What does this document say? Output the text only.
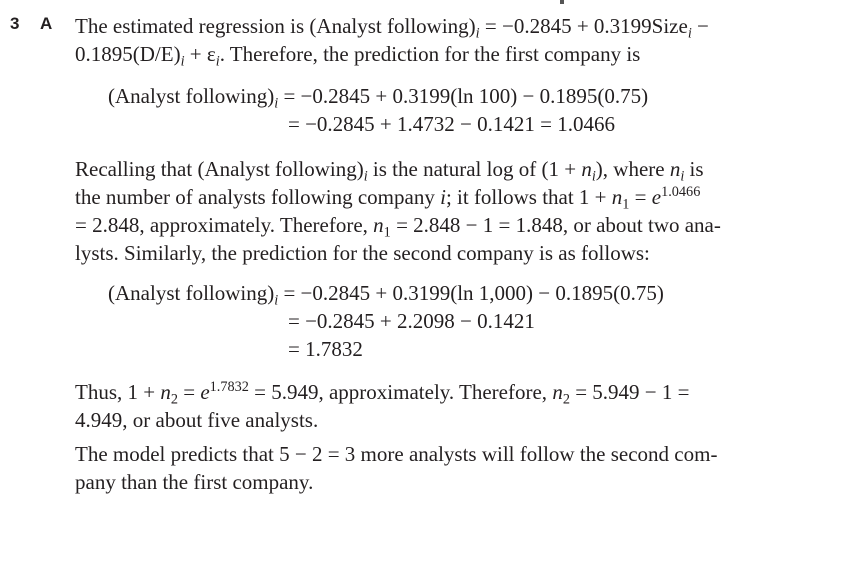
3 A The estimated regression is (Analyst $following)_i = -0.2845$ + 0.3199Size$_i$ −

$0.1895(D/E)_i + \varepsilon_i$. Therefore, the prediction for the first company is

(Analyst $following)_i = -0.2845 + 0.3199(\ln$ 100) − 0.1895(0.75)

= −0.2845 + 1.4732 − 0.1421 = 1.0466

Recalling that (Analyst $following)_i$ is the natural log of $(1 + n_i)$, where $n_i$ is

the number of analysts following company i; it follows that $1 + n_1 = e^{1.0466}$

= 2.848, approximately. Therefore, $n_1 = 2.848 - 1 = 1.848$, or about two ana-

lysts. Similarly, the prediction for the second company is as follows:

(Analyst $following)_i = -0.2845 + 0.3199(\ln$ 1,000) − 0.1895(0.75)

= −0.2845 + 2.2098 − 0.1421

= 1.7832

Thus, $1 + n_2 = e^{1.7832} = 5.949$, approximately. Therefore, $n_2 = 5.949 - 1$ =

4.949, or about five analysts.

The model predicts that 5 − 2 = 3 more analysts will follow the second com-

pany than the first company.
